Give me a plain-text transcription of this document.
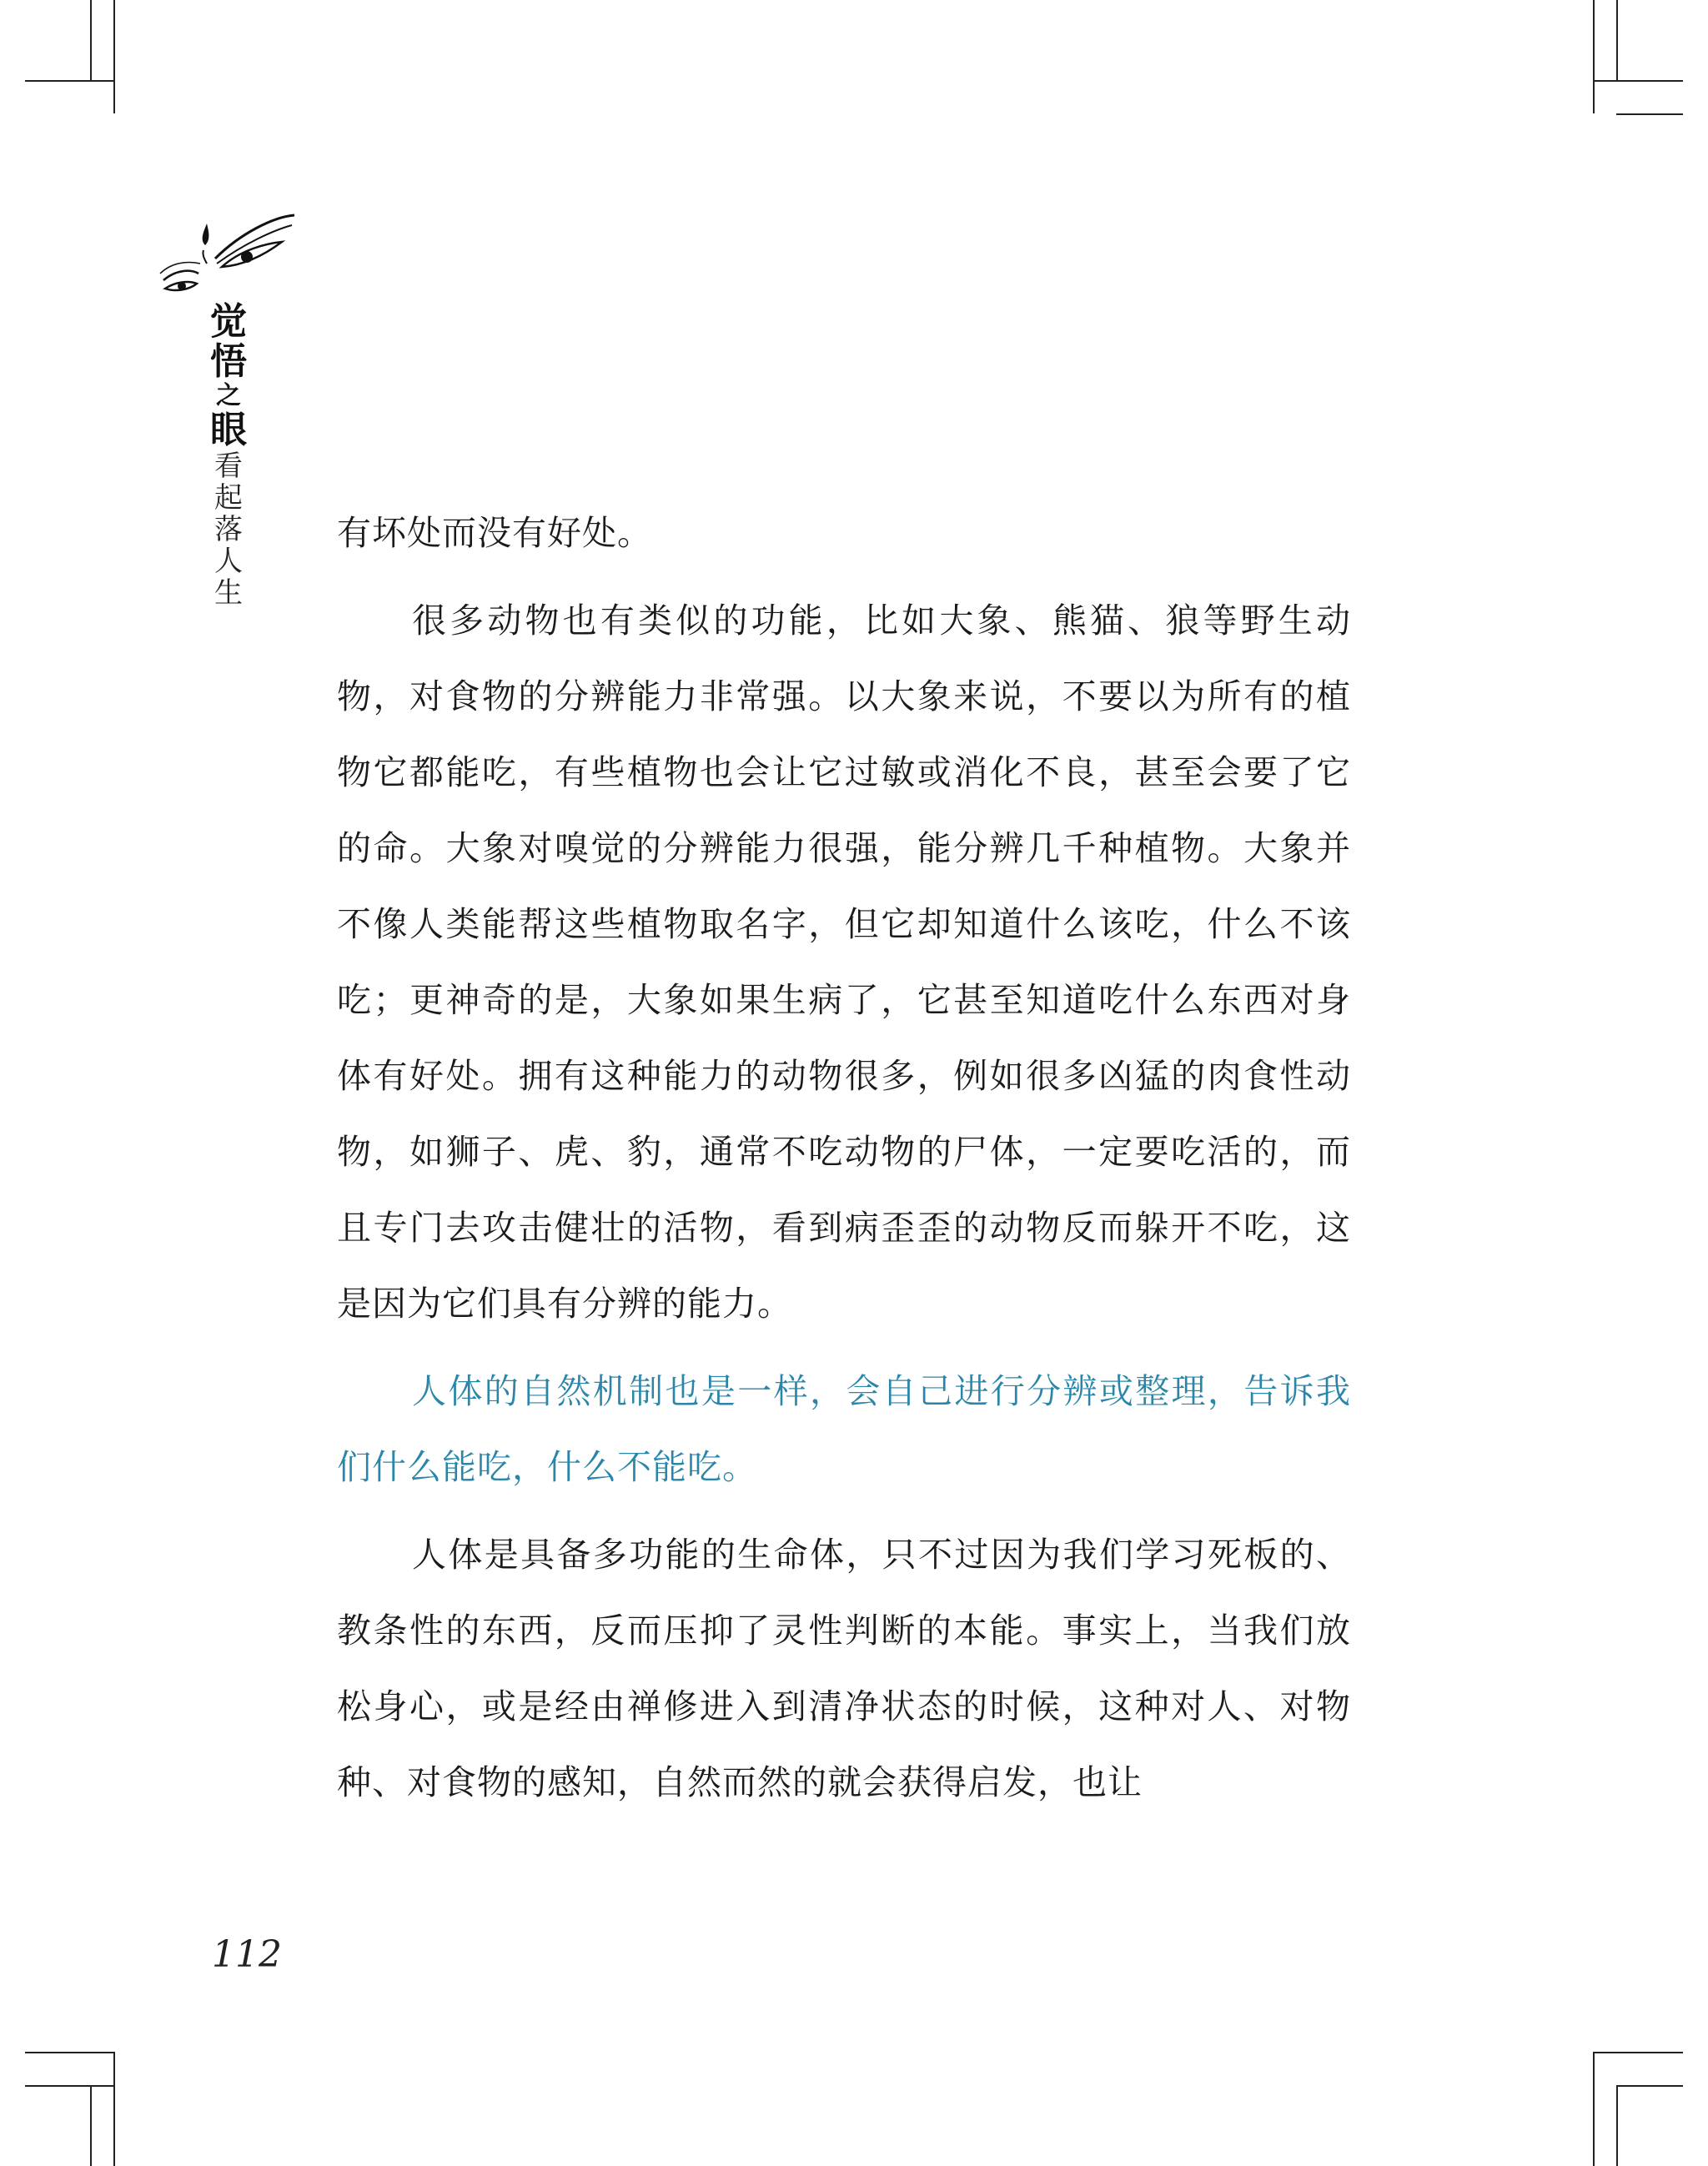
觉
悟
之
眼
看
起
落
人
生

有坏处而没有好处。

很多动物也有类似的功能，比如大象、熊猫、狼等野生动物，对食物的分辨能力非常强。以大象来说，不要以为所有的植物它都能吃，有些植物也会让它过敏或消化不良，甚至会要了它的命。大象对嗅觉的分辨能力很强，能分辨几千种植物。大象并不像人类能帮这些植物取名字，但它却知道什么该吃，什么不该吃；更神奇的是，大象如果生病了，它甚至知道吃什么东西对身体有好处。拥有这种能力的动物很多，例如很多凶猛的肉食性动物，如狮子、虎、豹，通常不吃动物的尸体，一定要吃活的，而且专门去攻击健壮的活物，看到病歪歪的动物反而躲开不吃，这是因为它们具有分辨的能力。

人体的自然机制也是一样，会自己进行分辨或整理，告诉我们什么能吃，什么不能吃。

人体是具备多功能的生命体，只不过因为我们学习死板的、教条性的东西，反而压抑了灵性判断的本能。事实上，当我们放松身心，或是经由禅修进入到清净状态的时候，这种对人、对物种、对食物的感知，自然而然的就会获得启发，也让

112
